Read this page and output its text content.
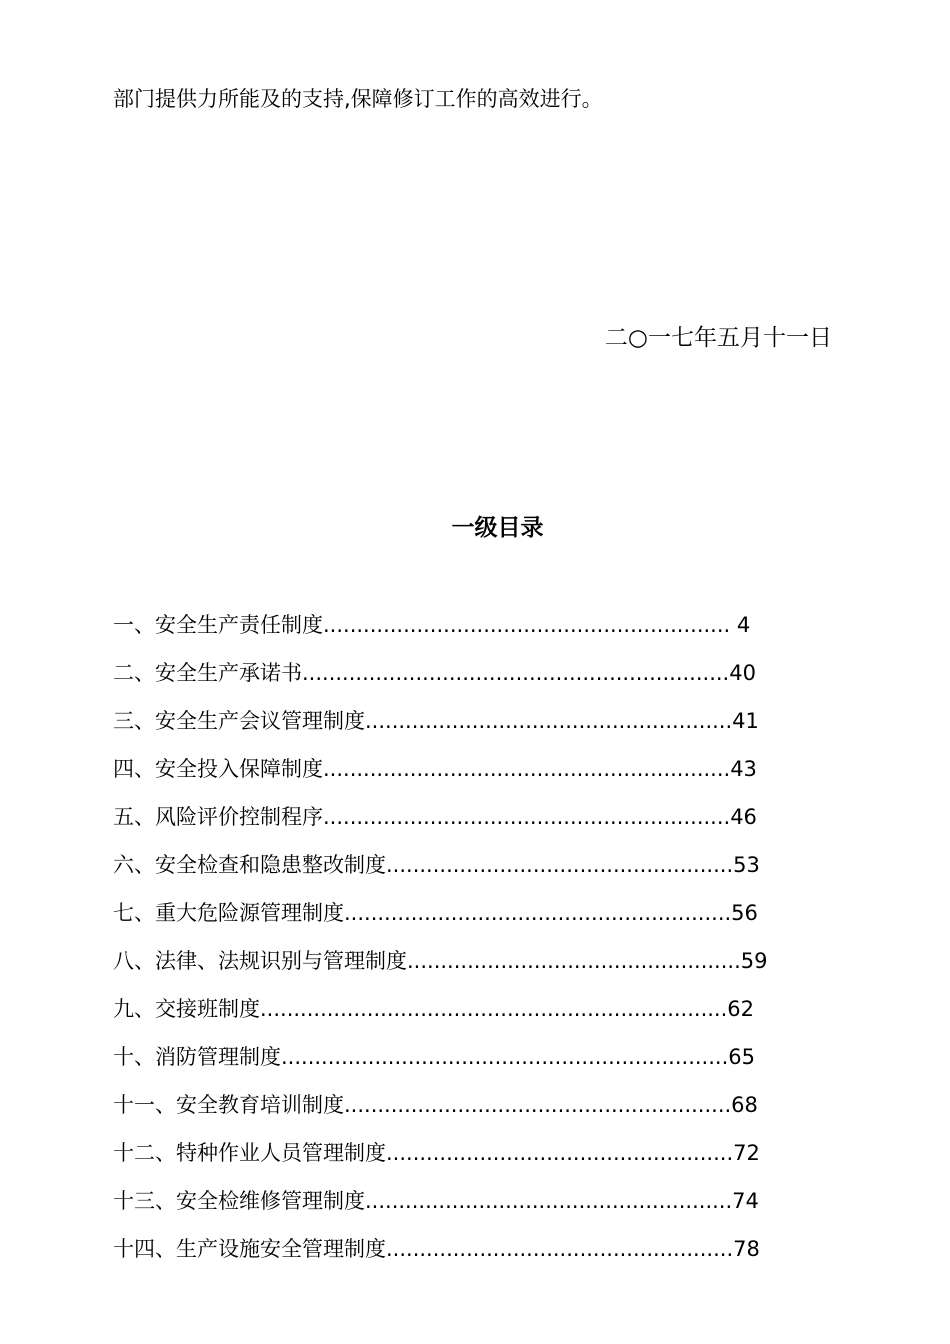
部门提供力所能及的支持,保障修订工作的高效进行。
二○一七年五月十一日
一级目录
一、安全生产责任制度............................................................. 4
二、安全生产承诺书................................................................40
三、安全生产会议管理制度.......................................................41
四、安全投入保障制度.............................................................43
五、风险评价控制程序.............................................................46
六、安全检查和隐患整改制度....................................................53
七、重大危险源管理制度..........................................................56
八、法律、法规识别与管理制度..................................................59
九、交接班制度......................................................................62
十、消防管理制度...................................................................65
十一、安全教育培训制度..........................................................68
十二、特种作业人员管理制度....................................................72
十三、安全检维修管理制度.......................................................74
十四、生产设施安全管理制度....................................................78
